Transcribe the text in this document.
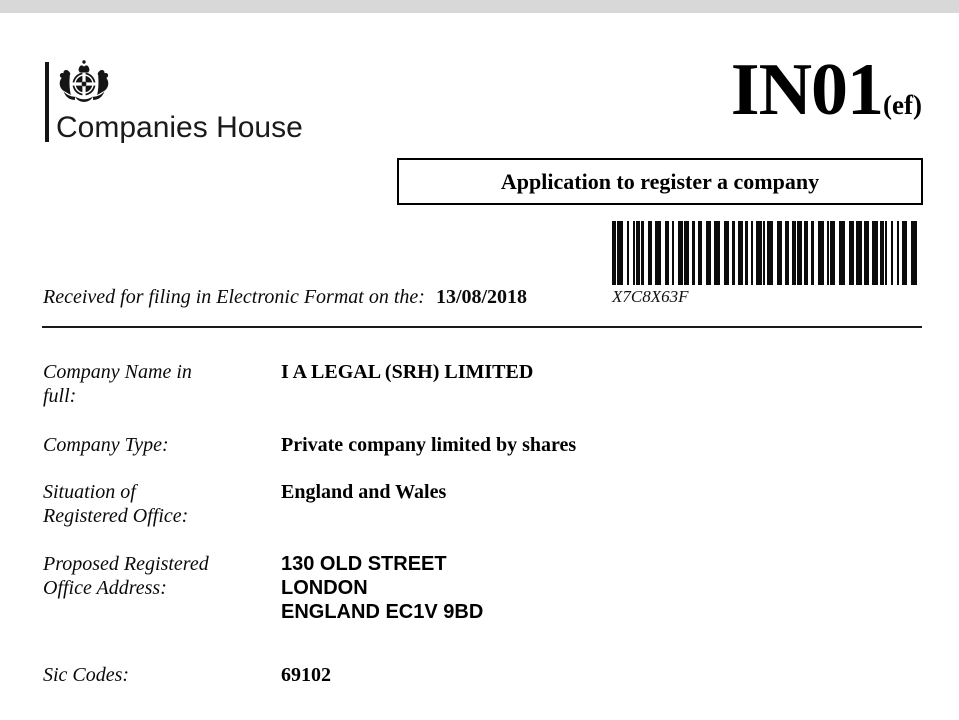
Companies House	IN01(ef)
Application to register a company
X7C8X63F
Received for filing in Electronic Format on the: 13/08/2018
Company Name in
full:
I A LEGAL (SRH) LIMITED
Company Type:	Private company limited by shares
Situation of
Registered Office:
England and Wales
Proposed Registered
Office Address:
130 OLD STREET
LONDON
ENGLAND EC1V 9BD
Sic Codes:	69102
